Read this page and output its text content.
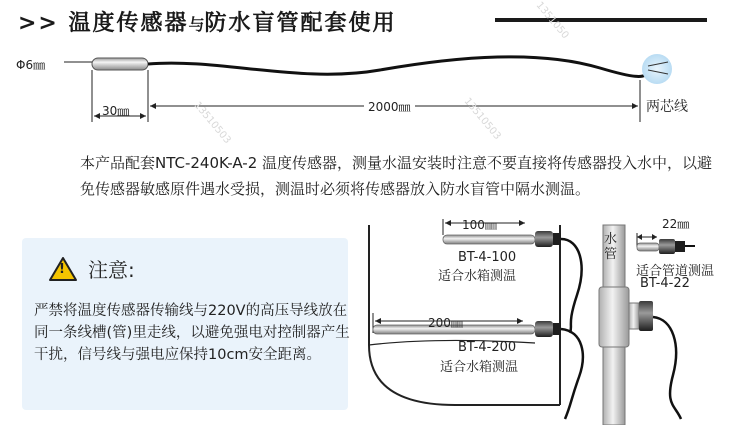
>> 温度传感器与防水盲管配套使用
Φ6㎜
30㎜	2000㎜	两芯线
1351050
13510503	13510503
本产品配套NTC-240K-A-2 温度传感器，测量水温安装时注意不要直接将传感器投入水中，以避免传感器敏感原件遇水受损，测温时必须将传感器放入防水盲管中隔水测温。
! 注意:
严禁将温度传感器传输线与220V的高压导线放在同一条线槽(管)里走线，以避免强电对控制器产生干扰，信号线与强电应保持10cm安全距离。
100㎜
BT-4-100
适合水箱测温
200㎜
BT-4-200
适合水箱测温
水管
22㎜
适合管道测温
BT-4-22
